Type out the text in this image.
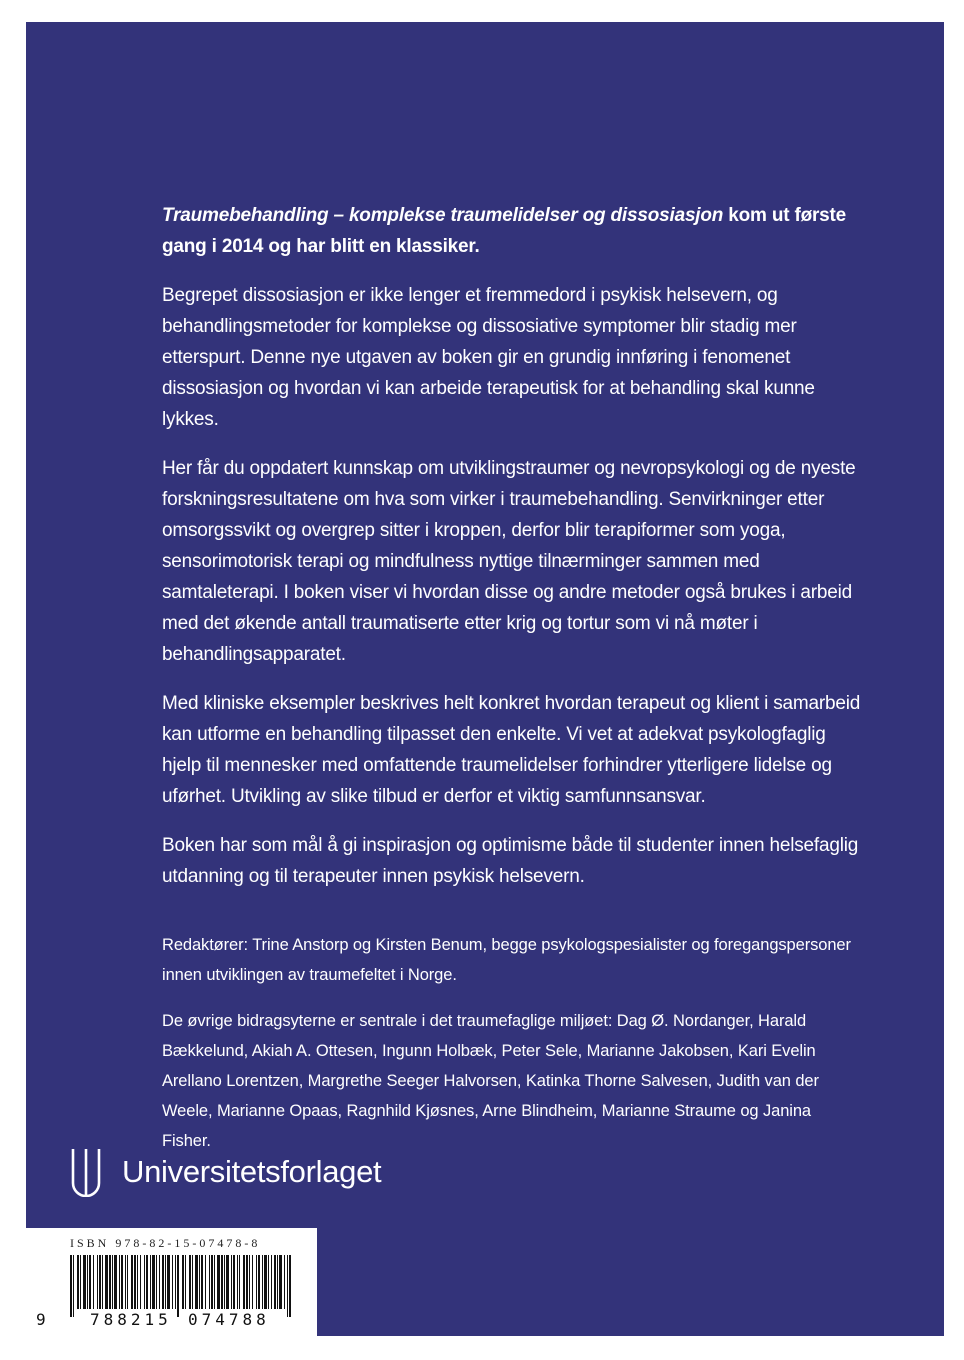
Traumebehandling – komplekse traumelidelser og dissosiasjon kom ut første gang i 2014 og har blitt en klassiker.

Begrepet dissosiasjon er ikke lenger et fremmedord i psykisk helsevern, og behandlingsmetoder for komplekse og dissosiative symptomer blir stadig mer etterspurt. Denne nye utgaven av boken gir en grundig innføring i fenomenet dissosiasjon og hvordan vi kan arbeide terapeutisk for at behandling skal kunne lykkes.

Her får du oppdatert kunnskap om utviklingstraumer og nevropsykologi og de nyeste forskningsresultatene om hva som virker i traumebehandling. Senvirkninger etter omsorgssvikt og overgrep sitter i kroppen, derfor blir terapiformer som yoga, sensorimotorisk terapi og mindfulness nyttige tilnærminger sammen med samtaleterapi. I boken viser vi hvordan disse og andre metoder også brukes i arbeid med det økende antall traumatiserte etter krig og tortur som vi nå møter i behandlingsapparatet.

Med kliniske eksempler beskrives helt konkret hvordan terapeut og klient i samarbeid kan utforme en behandling tilpasset den enkelte. Vi vet at adekvat psykologfaglig hjelp til mennesker med omfattende traumelidelser forhindrer ytterligere lidelse og uførhet. Utvikling av slike tilbud er derfor et viktig samfunnsansvar.

Boken har som mål å gi inspirasjon og optimisme både til studenter innen helsefaglig utdanning og til terapeuter innen psykisk helsevern.

Redaktører: Trine Anstorp og Kirsten Benum, begge psykologspesialister og foregangspersoner innen utviklingen av traumefeltet i Norge.

De øvrige bidragsyterne er sentrale i det traumefaglige miljøet: Dag Ø. Nordanger, Harald Bækkelund, Akiah A. Ottesen, Ingunn Holbæk, Peter Sele, Marianne Jakobsen, Kari Evelin Arellano Lorentzen, Margrethe Seeger Halvorsen, Katinka Thorne Salvesen, Judith van der Weele, Marianne Opaas, Ragnhild Kjøsnes, Arne Blindheim, Marianne Straume og Janina Fisher.

Universitetsforlaget
ISBN 978-82-15-07478-8
9	788215 074788
